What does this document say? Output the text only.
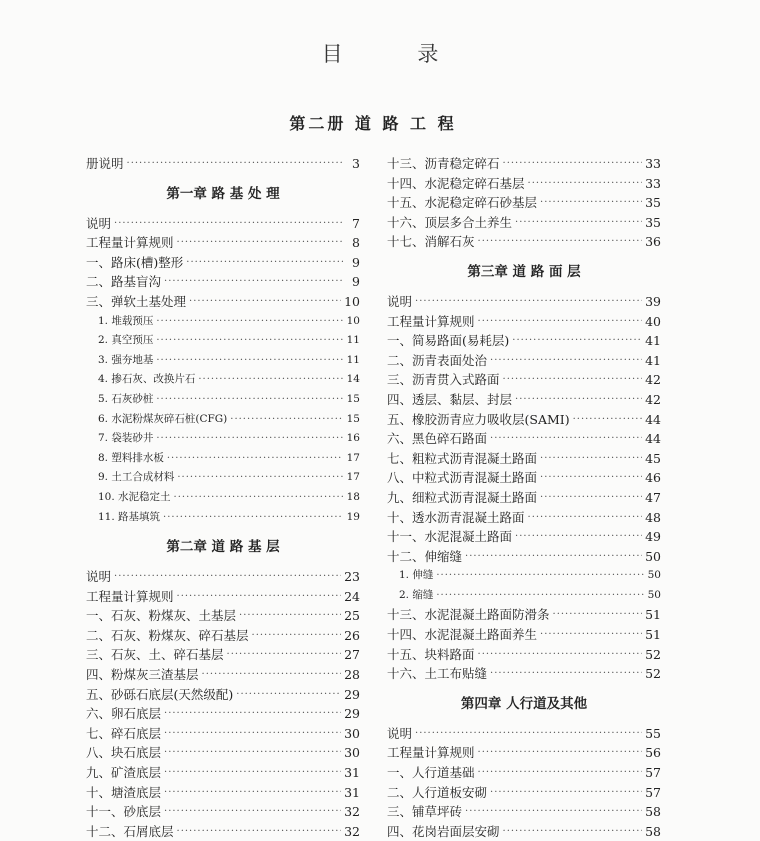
目 录
第二册 道 路 工 程
册说明 ·····	3
第一章 路 基 处 理
说明 ·····	7
工程量计算规则 ·····	8
一、路床(槽)整形 ·····	9
二、路基盲沟 ·····	9
三、弹软土基处理 ·····	10
1. 堆载预压 ·····	10
2. 真空预压 ·····	11
3. 强夯地基 ·····	11
4. 掺石灰、改换片石 ·····	14
5. 石灰砂桩 ·····	15
6. 水泥粉煤灰碎石桩(CFG) ·····	15
7. 袋装砂井 ·····	16
8. 塑料排水板 ·····	17
9. 土工合成材料 ·····	17
10. 水泥稳定土 ·····	18
11. 路基填筑 ·····	19
第二章 道 路 基 层
说明 ·····	23
工程量计算规则 ·····	24
一、石灰、粉煤灰、土基层 ·····	25
二、石灰、粉煤灰、碎石基层 ·····	26
三、石灰、土、碎石基层 ·····	27
四、粉煤灰三渣基层 ·····	28
五、砂砾石底层(天然级配) ·····	29
六、卵石底层 ·····	29
七、碎石底层 ·····	30
八、块石底层 ·····	30
九、矿渣底层 ·····	31
十、塘渣底层 ·····	31
十一、砂底层 ·····	32
十二、石屑底层 ·····	32
十三、沥青稳定碎石 ·····	33
十四、水泥稳定碎石基层 ·····	33
十五、水泥稳定碎石砂基层 ·····	35
十六、顶层多合土养生 ·····	35
十七、消解石灰 ·····	36
第三章 道 路 面 层
说明 ·····	39
工程量计算规则 ·····	40
一、简易路面(易耗层) ·····	41
二、沥青表面处治 ·····	41
三、沥青贯入式路面 ·····	42
四、透层、黏层、封层 ·····	42
五、橡胶沥青应力吸收层(SAMI) ·····	44
六、黑色碎石路面 ·····	44
七、粗粒式沥青混凝土路面 ·····	45
八、中粒式沥青混凝土路面 ·····	46
九、细粒式沥青混凝土路面 ·····	47
十、透水沥青混凝土路面 ·····	48
十一、水泥混凝土路面 ·····	49
十二、伸缩缝 ·····	50
1. 伸缝 ·····	50
2. 缩缝 ·····	50
十三、水泥混凝土路面防滑条 ·····	51
十四、水泥混凝土路面养生 ·····	51
十五、块料路面 ·····	52
十六、土工布贴缝 ·····	52
第四章 人行道及其他
说明 ·····	55
工程量计算规则 ·····	56
一、人行道基础 ·····	57
二、人行道板安砌 ·····	57
三、铺草坪砖 ·····	58
四、花岗岩面层安砌 ·····	58
